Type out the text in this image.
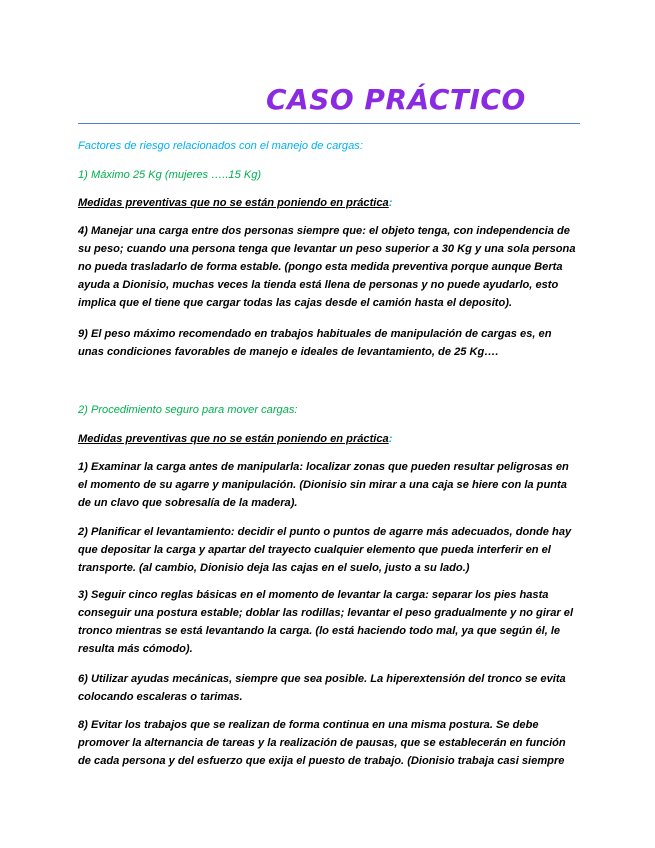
CASO PRÁCTICO

Factores de riesgo relacionados con el manejo de cargas:

1) Máximo 25 Kg (mujeres …..15 Kg)

Medidas preventivas que no se están poniendo en práctica:

4) Manejar una carga entre dos personas siempre que: el objeto tenga, con independencia de su peso; cuando una persona tenga que levantar un peso superior a 30 Kg y una sola persona no pueda trasladarlo de forma estable. (pongo esta medida preventiva porque aunque Berta ayuda a Dionisio, muchas veces la tienda está llena de personas y no puede ayudarlo, esto implica que el tiene que cargar todas las cajas desde el camión hasta el deposito).

9) El peso máximo recomendado en trabajos habituales de manipulación de cargas es, en unas condiciones favorables de manejo e ideales de levantamiento, de 25 Kg….

2) Procedimiento seguro para mover cargas:

Medidas preventivas que no se están poniendo en práctica:

1) Examinar la carga antes de manipularla: localizar zonas que pueden resultar peligrosas en el momento de su agarre y manipulación. (Dionisio sin mirar a una caja se hiere con la punta de un clavo que sobresalía de la madera).

2) Planificar el levantamiento: decidir el punto o puntos de agarre más adecuados, donde hay que depositar la carga y apartar del trayecto cualquier elemento que pueda interferir en el transporte. (al cambio, Dionisio deja las cajas en el suelo, justo a su lado.)

3) Seguir cinco reglas básicas en el momento de levantar la carga: separar los pies hasta conseguir una postura estable; doblar las rodillas; levantar el peso gradualmente y no girar el tronco mientras se está levantando la carga. (lo está haciendo todo mal, ya que según él, le resulta más cómodo).

6) Utilizar ayudas mecánicas, siempre que sea posible. La hiperextensión del tronco se evita colocando escaleras o tarimas.

8) Evitar los trabajos que se realizan de forma continua en una misma postura. Se debe promover la alternancia de tareas y la realización de pausas, que se establecerán en función de cada persona y del esfuerzo que exija el puesto de trabajo. (Dionisio trabaja casi siempre
